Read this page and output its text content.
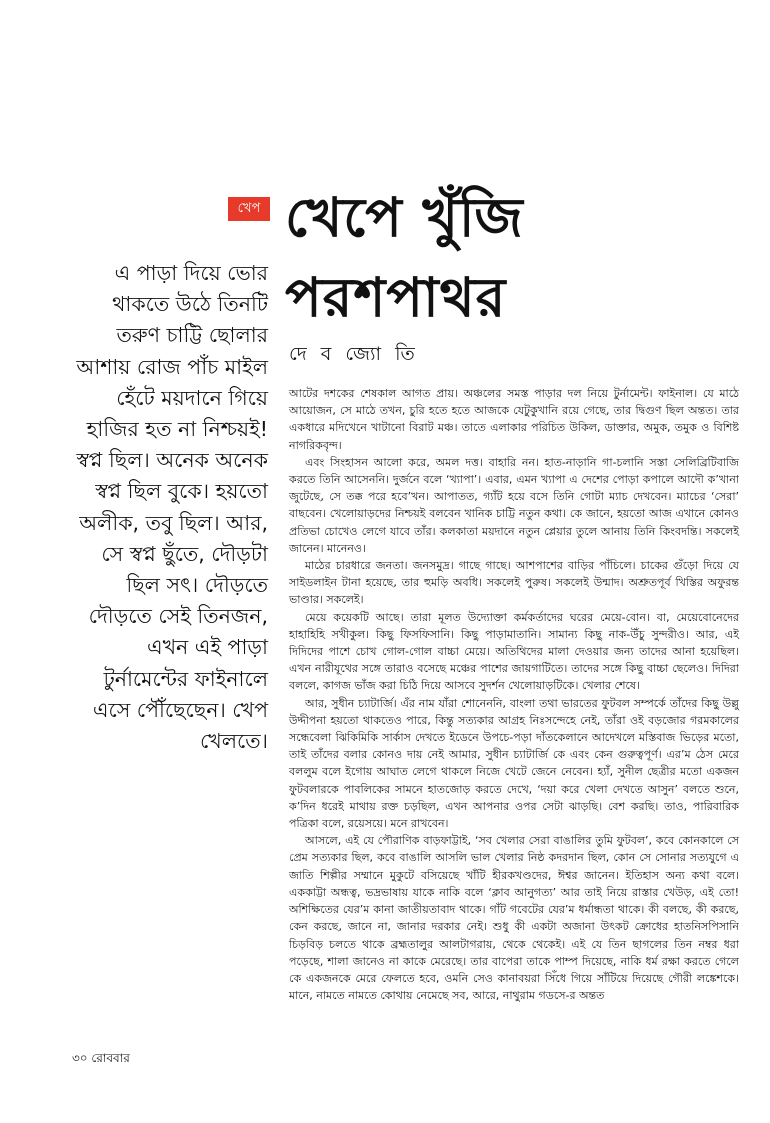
খেপ খেপে খুঁজি
পরশপাথর
দে ব জ্যো তি

এ পাড়া দিয়ে ভোর থাকতে উঠে তিনটি তরুণ চাট্টি ছোলার আশায় রোজ পাঁচ মাইল হেঁটে ময়দানে গিয়ে হাজির হত না নিশ্চয়ই! স্বপ্ন ছিল। অনেক অনেক স্বপ্ন ছিল বুকে। হয়তো অলীক, তবু ছিল। আর, সে স্বপ্ন ছুঁতে, দৌড়টা ছিল সৎ। দৌড়তে দৌড়তে সেই তিনজন, এখন এই পাড়া টুর্নামেন্টের ফাইনালে এসে পৌঁছেছেন। খেপ খেলতে।

আটের দশকের শেষকাল আগত প্রায়। অঞ্চলের সমস্ত পাড়ার দল নিয়ে টুর্নামেন্ট। ফাইনাল। যে মাঠে আয়োজন, সে মাঠে তখন, চুরি হতে হতে আজকে যেটুকুখানি রয়ে গেছে, তার দ্বিগুণ ছিল অন্তত। তার একধারে মদিখেনে খাটানো বিরাট মঞ্চ। তাতে এলাকার পরিচিত উকিল, ডাক্তার, অমুক, তমুক ও বিশিষ্ট নাগরিকবৃন্দ।

এবং সিংহাসন আলো করে, অমল দত্ত। বাহারি নন। হাত-নাড়ানি গা-চলানি সস্তা সেলিব্রিটিবাজি করতে তিনি আসেননি। দুর্জনে বলে ‘খ্যাপা’। এবার, এমন খ্যাপা এ দেশের পোড়া কপালে আদৌ ক’খানা জুটেছে, সে তক্ক পরে হবে’খন। আপাতত, গ্যাঁট হয়ে বসে তিনি গোটা ম্যাচ দেখবেন। ম্যাচের ‘সেরা’ বাছবেন। খেলোয়াড়দের নিশ্চয়ই বলবেন খানিক চাট্টি নতুন কথা। কে জানে, হয়তো আজ এখানে কোনও প্রতিভা চোখেও লেগে যাবে তাঁর। কলকাতা ময়দানে নতুন প্লেয়ার তুলে আনায় তিনি কিংবদন্তি। সকলেই জানেন। মানেনও।

মাঠের চারধারে জনতা। জনসমুদ্র। গাছে গাছে। আশপাশের বাড়ির পাঁচিলে। চাকের গুঁড়ো দিয়ে যে সাইডলাইন টানা হয়েছে, তার হুমড়ি অবধি। সকলেই পুরুষ। সকলেই উন্মাদ। অশ্রুতপূর্ব খিস্তির অফুরন্ত ভাণ্ডার। সকলেই।

মেয়ে কয়েকটি আছে। তারা মূলত উদ্যোক্তা কর্মকর্তাদের ঘরের মেয়ে-বোন। বা, মেয়েবোনেদের হাহাহিহি সখীকুল। কিছু ফিসফিসানি। কিছু পাড়ামাতানি। সামান্য কিছু নাক-উঁচু সুন্দরীও। আর, এই দিদিদের পাশে চোখ গোল-গোল বাচ্চা মেয়ে। অতিথিদের মালা দেওয়ার জন্য তাদের আনা হয়েছিল। এখন নারীযূথের সঙ্গে তারাও বসেছে মঞ্চের পাশের জায়গাটিতে। তাদের সঙ্গে কিছু বাচ্চা ছেলেও। দিদিরা বললে, কাগজ ভাঁজ করা চিঠি দিয়ে আসবে সুদর্শন খেলোয়াড়টিকে। খেলার শেষে।

আর, সুধীন চ্যাটার্জি। এঁর নাম যাঁরা শোনেননি, বাংলা তথা ভারতের ফুটবল সম্পর্কে তাঁদের কিছু উল্লু উদ্দীপনা হয়তো থাকতেও পারে, কিন্তু সত্যকার আগ্রহ নিঃসন্দেহে নেই, তাঁরা ওই বড়জোর গরমকালের সন্ধেবেলা ঝিকিমিকি সার্কাস দেখতে ইডেনে উপচে-পড়া দাঁতকেলানে আদেখলে মস্তিবাজ ভিড়ের মতো, তাই তাঁদের বলার কোনও দায় নেই আমার, সুধীন চ্যাটার্জি কে এবং কেন গুরুত্বপূর্ণ। এর’ম ঠেস মেরে বললুম বলে ইগোয় আঘাত লেগে থাকলে নিজে খেটে জেনে নেবেন। হ্যাঁ, সুনীল ছেত্রীর মতো একজন ফুটবলারকে পাবলিকের সামনে হাতজোড় করতে দেখে, ‘দয়া করে খেলা দেখতে আসুন’ বলতে শুনে, ক’দিন ধরেই মাথায় রক্ত চড়ছিল, এখন আপনার ওপর সেটা ঝাড়ছি। বেশ করছি। তাও, পারিবারিক পত্রিকা বলে, রয়েসয়ে। মনে রাখবেন।

আসলে, এই যে পৌরাণিক বাড়ফাট্টাই, ‘সব খেলার সেরা বাঙালির তুমি ফুটবল’, কবে কোনকালে সে প্রেম সত্যকার ছিল, কবে বাঙালি আসলি ভাল খেলার নিষ্ঠ কদরদান ছিল, কোন সে সোনার সত্যযুগে এ জাতি শিল্পীর সম্মানে মুকুটে বসিয়েছে খাঁটি হীরকখণ্ডদের, ঈশ্বর জানেন। ইতিহাস অন্য কথা বলে। এককাট্টা অন্ধত্ব, ভদ্রভাষায় যাকে নাকি বলে ‘ক্লাব আনুগত্য’ আর তাই নিয়ে রাস্তার খেউড়, এই তো! অশিক্ষিতের যের’ম কানা জাতীয়তাবাদ থাকে। গাঁট গবেটের যের’ম ধর্মান্ধতা থাকে। কী বলছে, কী করছে, কেন করছে, জানে না, জানার দরকার নেই। শুধু কী একটা অজানা উৎকট ক্রোধের হাতনিসপিসানি চিড়বিড় চলতে থাকে ব্রহ্মতালুর আলটাগরায়, থেকে থেকেই। এই যে তিন ছাগলের তিন নম্বর ধরা পড়েছে, শালা জানেও না কাকে মেরেছে। তার বাপেরা তাকে পাম্প দিয়েছে, নাকি ধর্ম রক্ষা করতে গেলে কে একজনকে মেরে ফেলতে হবে, ওমনি সেও কানাবয়রা সিঁধে গিয়ে সাঁটিয়ে দিয়েছে গৌরী লঙ্কেশকে। মানে, নামতে নামতে কোথায় নেমেছে সব, আরে, নাথুরাম গডসে-র অন্তত

৩০ রোববার
